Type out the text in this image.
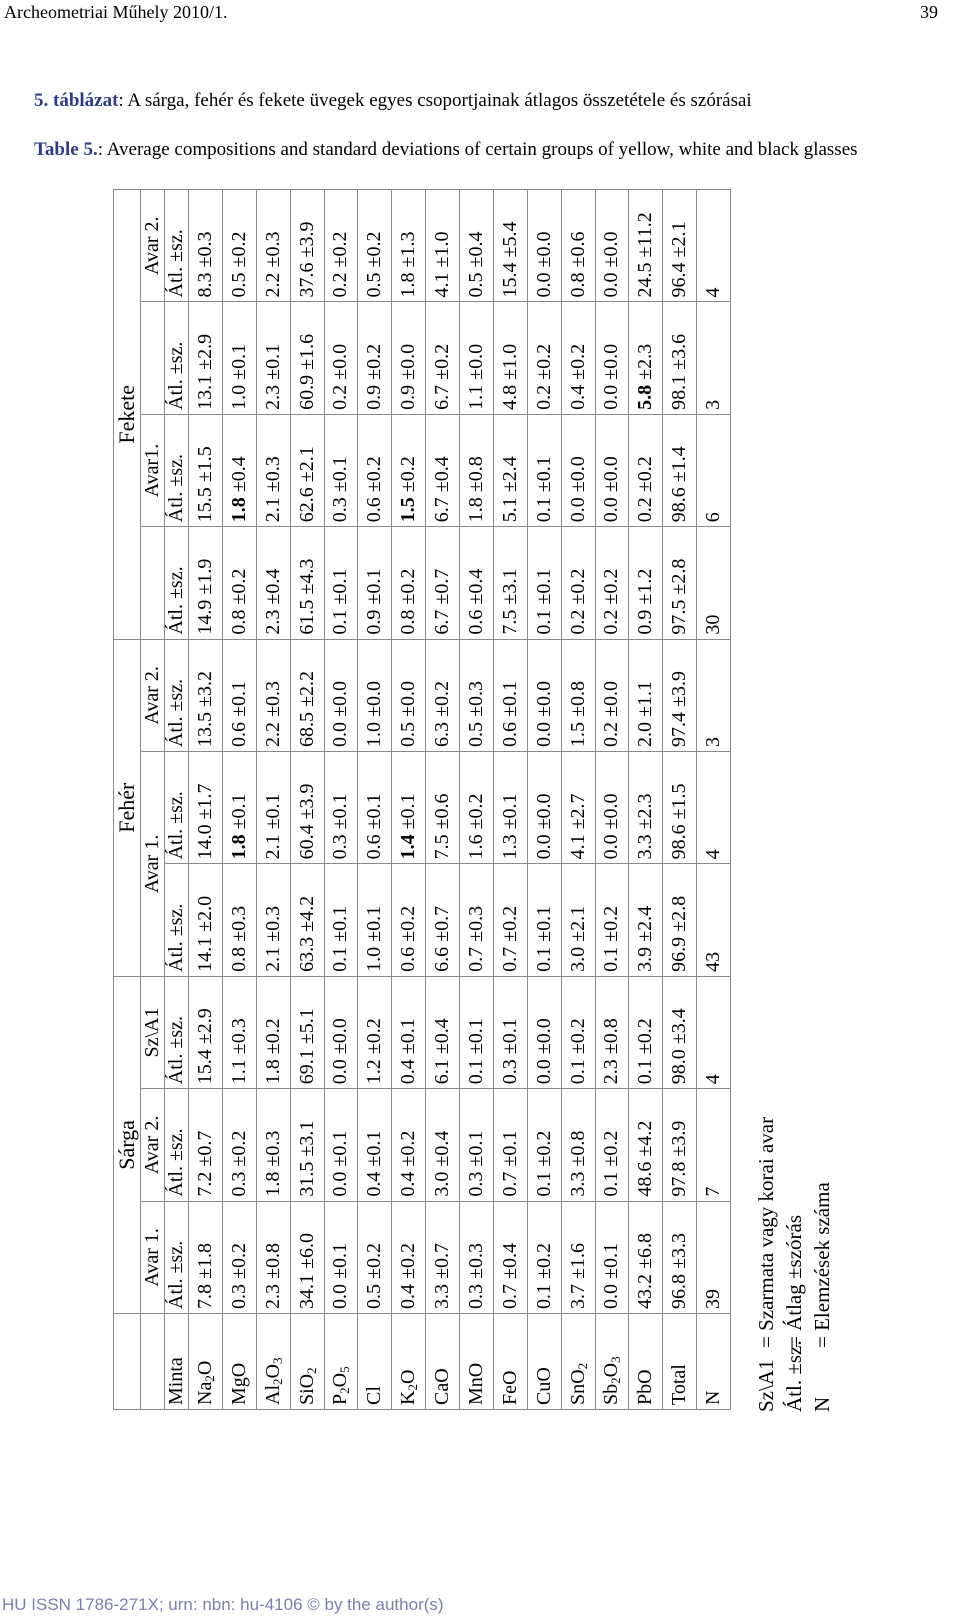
Archeometriai Műhely 2010/1.	39
5. táblázat: A sárga, fehér és fekete üvegek egyes csoportjainak átlagos összetétele és szórásai
Table 5.: Average compositions and standard deviations of certain groups of yellow, white and black glasses
	Sárga			Fehér			Fekete			
	Avar 1.	Avar 2.	Sz\A1	Avar 1.		Avar 2.		Avar1.		Avar 2.
Minta	Átl. ±sz.	Átl. ±sz.	Átl. ±sz.	Átl. ±sz.	Átl. ±sz.	Átl. ±sz.	Átl. ±sz.	Átl. ±sz.	Átl. ±sz.	Átl. ±sz.
$Na_2O$	7.8 ±1.8	7.2 ±0.7	15.4 ±2.9	14.1 ±2.0	14.0 ±1.7	13.5 ±3.2	14.9 ±1.9	15.5 ±1.5	13.1 ±2.9	8.3 ±0.3
MgO	0.3 ±0.2	0.3 ±0.2	1.1 ±0.3	0.8 ±0.3	1.8 ±0.1	0.6 ±0.1	0.8 ±0.2	1.8 ±0.4	1.0 ±0.1	0.5 ±0.2
$Al_2O_3$	2.3 ±0.8	1.8 ±0.3	1.8 ±0.2	2.1 ±0.3	2.1 ±0.1	2.2 ±0.3	2.3 ±0.4	2.1 ±0.3	2.3 ±0.1	2.2 ±0.3
SiO$_2$	34.1 ±6.0	31.5 ±3.1	69.1 ±5.1	63.3 ±4.2	60.4 ±3.9	68.5 ±2.2	61.5 ±4.3	62.6 ±2.1	60.9 ±1.6	37.6 ±3.9
$P_2O_5$	0.0 ±0.1	0.0 ±0.1	0.0 ±0.0	0.1 ±0.1	0.3 ±0.1	0.0 ±0.0	0.1 ±0.1	0.3 ±0.1	0.2 ±0.0	0.2 ±0.2
Cl	0.5 ±0.2	0.4 ±0.1	1.2 ±0.2	1.0 ±0.1	0.6 ±0.1	1.0 ±0.0	0.9 ±0.1	0.6 ±0.2	0.9 ±0.2	0.5 ±0.2
$K_2O$	0.4 ±0.2	0.4 ±0.2	0.4 ±0.1	0.6 ±0.2	1.4 ±0.1	0.5 ±0.0	0.8 ±0.2	1.5 ±0.2	0.9 ±0.0	1.8 ±1.3
CaO	3.3 ±0.7	3.0 ±0.4	6.1 ±0.4	6.6 ±0.7	7.5 ±0.6	6.3 ±0.2	6.7 ±0.7	6.7 ±0.4	6.7 ±0.2	4.1 ±1.0
MnO	0.3 ±0.3	0.3 ±0.1	0.1 ±0.1	0.7 ±0.3	1.6 ±0.2	0.5 ±0.3	0.6 ±0.4	1.8 ±0.8	1.1 ±0.0	0.5 ±0.4
FeO	0.7 ±0.4	0.7 ±0.1	0.3 ±0.1	0.7 ±0.2	1.3 ±0.1	0.6 ±0.1	7.5 ±3.1	5.1 ±2.4	4.8 ±1.0	15.4 ±5.4
CuO	0.1 ±0.2	0.1 ±0.2	0.0 ±0.0	0.1 ±0.1	0.0 ±0.0	0.0 ±0.0	0.1 ±0.1	0.1 ±0.1	0.2 ±0.2	0.0 ±0.0
SnO$_2$	3.7 ±1.6	3.3 ±0.8	0.1 ±0.2	3.0 ±2.1	4.1 ±2.7	1.5 ±0.8	0.2 ±0.2	0.0 ±0.0	0.4 ±0.2	0.8 ±0.6
$Sb_2O_3$	0.0 ±0.1	0.1 ±0.2	2.3 ±0.8	0.1 ±0.2	0.0 ±0.0	0.2 ±0.0	0.2 ±0.2	0.0 ±0.0	0.0 ±0.0	0.0 ±0.0
PbO	43.2 ±6.8	48.6 ±4.2	0.1 ±0.2	3.9 ±2.4	3.3 ±2.3	2.0 ±1.1	0.9 ±1.2	0.2 ±0.2	5.8 ±2.3	24.5 ±11.2
Total	96.8 ±3.3	97.8 ±3.9	98.0 ±3.4	96.9 ±2.8	98.6 ±1.5	97.4 ±3.9	97.5 ±2.8	98.6 ±1.4	98.1 ±3.6	96.4 ±2.1
N	39	7	4	43	4	3	30	6	3	4
Sz\A1= Szarmata vagy korai avar
Átl. ±sz.= Átlag ±szórás
N= Elemzések száma
HU ISSN 1786-271X; urn: nbn: hu-4106 © by the author(s)
